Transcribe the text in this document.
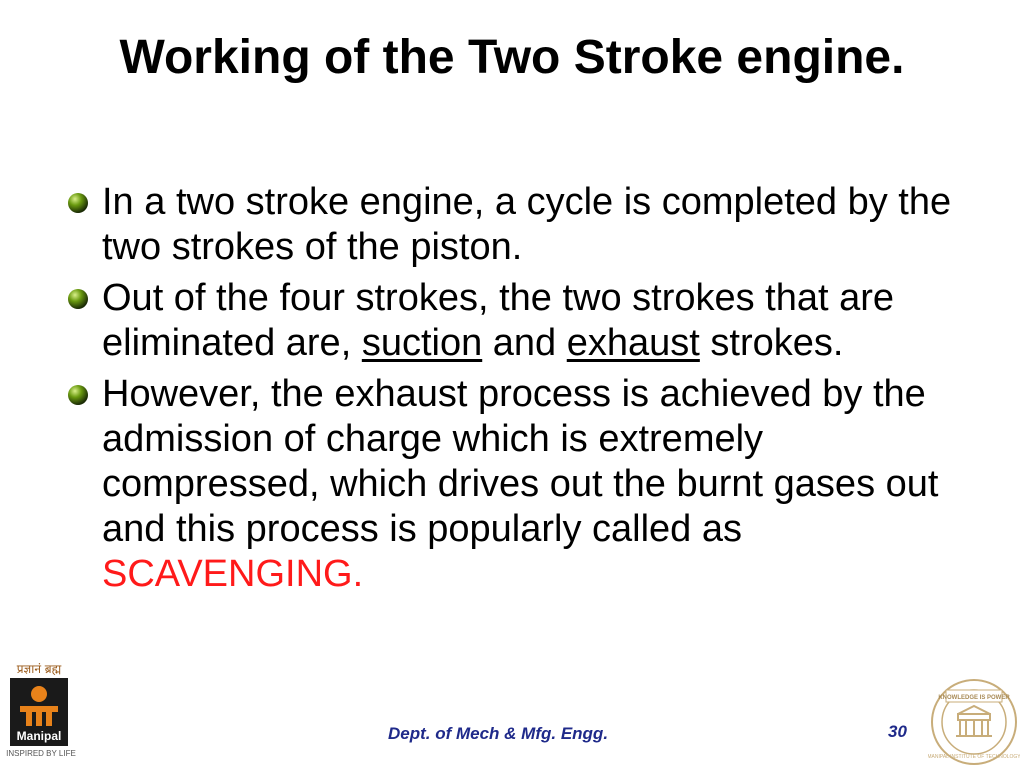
Working of the Two Stroke engine.
In a two stroke engine, a cycle is completed by the two strokes of the piston.
Out of the four strokes, the two strokes that are eliminated are, suction and exhaust strokes.
However, the exhaust process is achieved by the admission of charge which is extremely compressed, which drives out the burnt gases out and this process is popularly called as SCAVENGING.
प्रज्ञानं ब्रह्म
Manipal
INSPIRED BY LIFE
Dept. of Mech & Mfg. Engg.	30
KNOWLEDGE IS POWER
MANIPAL INSTITUTE OF TECHNOLOGY
